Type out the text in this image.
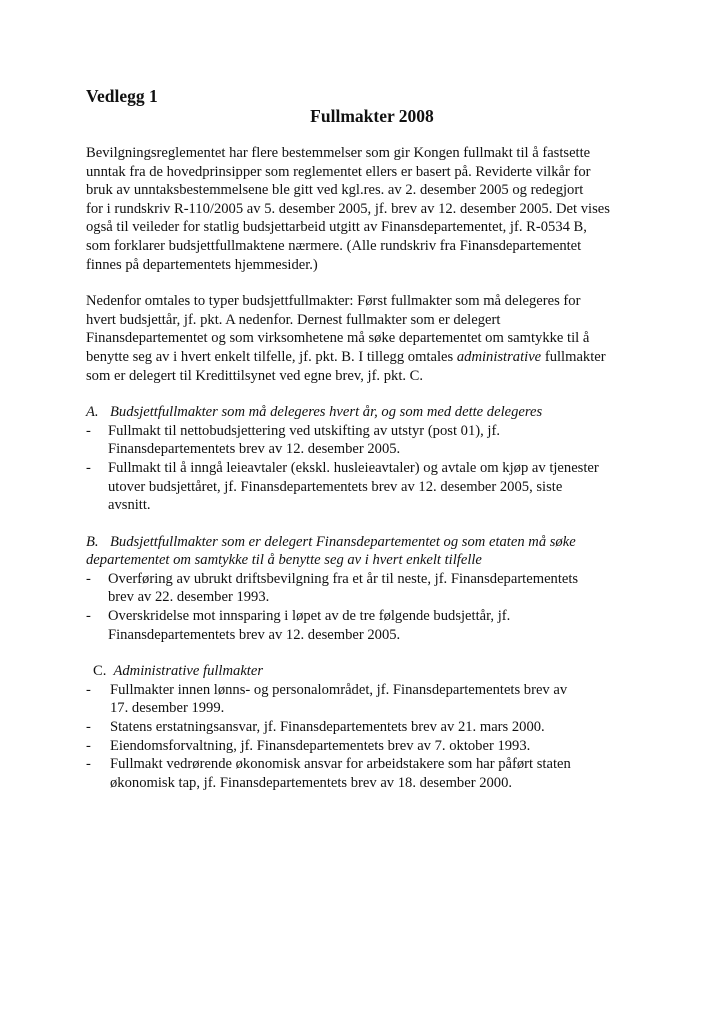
Vedlegg 1
Fullmakter 2008
Bevilgningsreglementet har flere bestemmelser som gir Kongen fullmakt til å fastsette
unntak fra de hovedprinsipper som reglementet ellers er basert på. Reviderte vilkår for
bruk av unntaksbestemmelsene ble gitt ved kgl.res. av 2. desember 2005 og redegjort
for i rundskriv R-110/2005 av 5. desember 2005, jf. brev av 12. desember 2005. Det vises
også til veileder for statlig budsjettarbeid utgitt av Finansdepartementet, jf. R-0534 B,
som forklarer budsjettfullmaktene nærmere. (Alle rundskriv fra Finansdepartementet
finnes på departementets hjemmesider.)
Nedenfor omtales to typer budsjettfullmakter: Først fullmakter som må delegeres for
hvert budsjettår, jf. pkt. A nedenfor. Dernest fullmakter som er delegert
Finansdepartementet og som virksomhetene må søke departementet om samtykke til å
benytte seg av i hvert enkelt tilfelle, jf. pkt. B. I tillegg omtales administrative fullmakter
som er delegert til Kredittilsynet ved egne brev, jf. pkt. C.
A. Budsjettfullmakter som må delegeres hvert år, og som med dette delegeres
- Fullmakt til nettobudsjettering ved utskifting av utstyr (post 01), jf.
Finansdepartementets brev av 12. desember 2005.
- Fullmakt til å inngå leieavtaler (ekskl. husleieavtaler) og avtale om kjøp av tjenester
utover budsjettåret, jf. Finansdepartementets brev av 12. desember 2005, siste
avsnitt.
B. Budsjettfullmakter som er delegert Finansdepartementet og som etaten må søke
departementet om samtykke til å benytte seg av i hvert enkelt tilfelle
- Overføring av ubrukt driftsbevilgning fra et år til neste, jf. Finansdepartementets
brev av 22. desember 1993.
- Overskridelse mot innsparing i løpet av de tre følgende budsjettår, jf.
Finansdepartementets brev av 12. desember 2005.
C. Administrative fullmakter
- Fullmakter innen lønns- og personalområdet, jf. Finansdepartementets brev av
17. desember 1999.
- Statens erstatningsansvar, jf. Finansdepartementets brev av 21. mars 2000.
- Eiendomsforvaltning, jf. Finansdepartementets brev av 7. oktober 1993.
- Fullmakt vedrørende økonomisk ansvar for arbeidstakere som har påført staten
økonomisk tap, jf. Finansdepartementets brev av 18. desember 2000.
